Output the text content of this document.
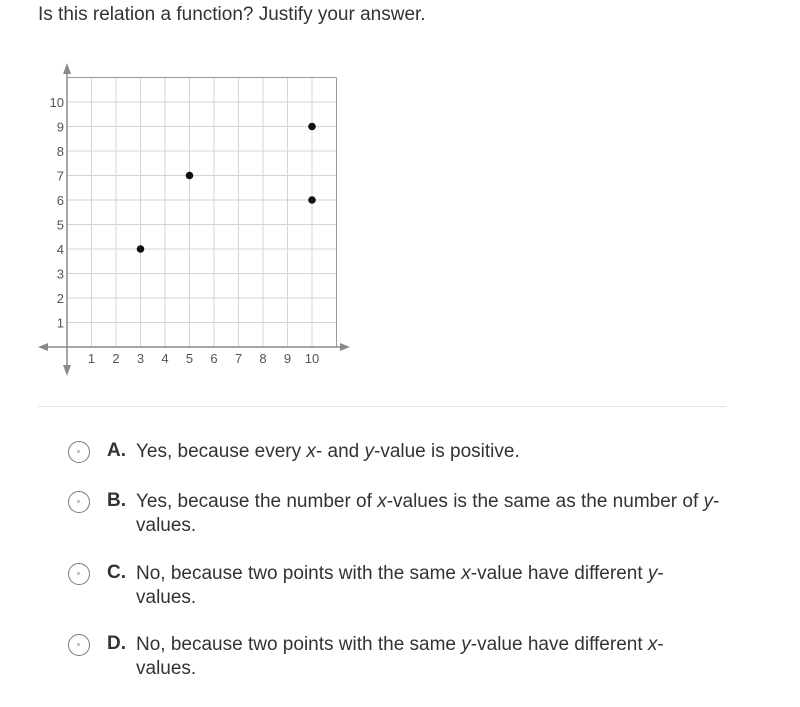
Is this relation a function? Justify your answer.
1 2 3 4 5 6 7 8 9 10
1
2
3
4
5
6
7
8
9
10
A. Yes, because every x- and y-value is positive.
B. Yes, because the number of x-values is the same as the number of y-values.
C. No, because two points with the same x-value have different y-values.
D. No, because two points with the same y-value have different x-values.
